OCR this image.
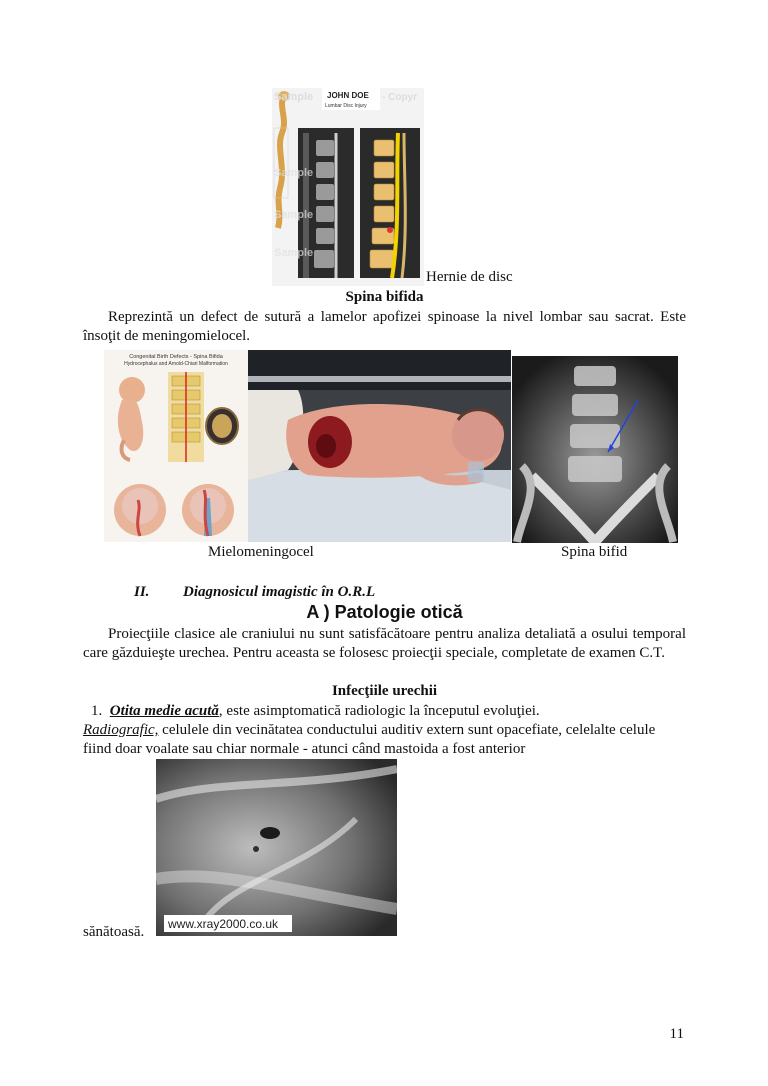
JOHN DOE
Lumbar Disc Injury
Sample	- Copyr
Sample
Sample
Sample
Hernie de disc
Spina bifida
Reprezintă un defect de sutură a lamelor apofizei spinoase la nivel lombar sau sacrat. Este însoţit de meningomielocel.
Congenital Birth Defects - Spina Bifida
Hydrocephalus and Arnold-Chiari Malformation
Mielomeningocel	Spina bifid
II. Diagnosicul imagistic în O.R.L
A ) Patologie otică
Proiecţiile clasice ale craniului nu sunt satisfăcătoare pentru analiza detaliată a osului temporal care găzduieşte urechea. Pentru aceasta se folosesc proiecţii speciale, completate de examen C.T.
Infecţiile urechii
1. Otita medie acută, este asimptomatică radiologic la începutul evoluţiei.
Radiografic, celulele din vecinătatea conductului auditiv extern sunt opacefiate, celelalte celule fiind doar voalate sau chiar normale - atunci când mastoida a fost anterior
www.xray2000.co.uk
sănătoasă.
11
